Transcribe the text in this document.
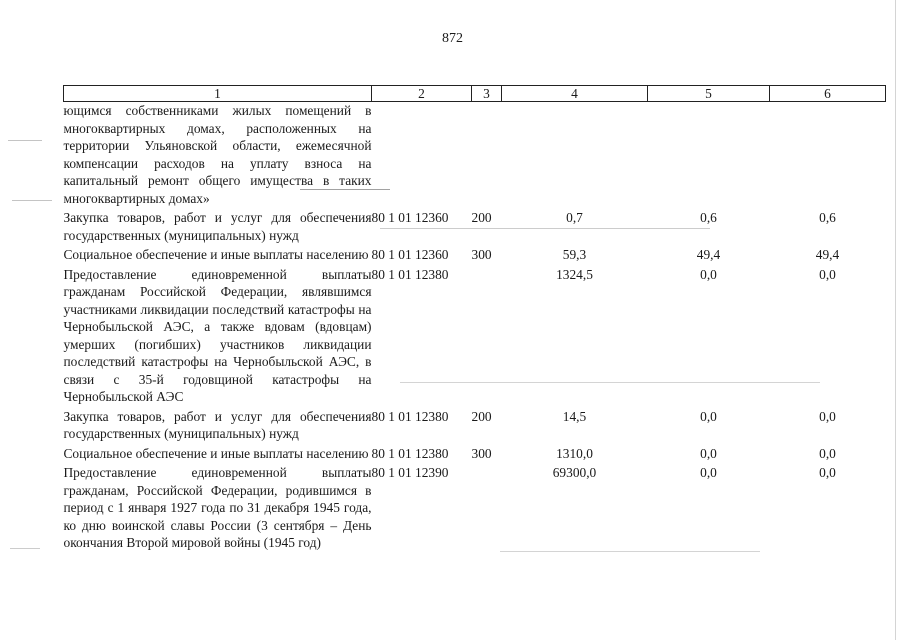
872
1	2	3	4	5	6
ющимся собственниками жилых помещений в многоквартирных домах, расположенных на территории Ульяновской области, ежемесячной компенсации расходов на уплату взноса на капитальный ремонт общего имущества в таких многоквартирных домах»					
Закупка товаров, работ и услуг для обеспечения государственных (муниципальных) нужд	80 1 01 12360	200	0,7	0,6	0,6
Социальное обеспечение и иные выплаты населению	80 1 01 12360	300	59,3	49,4	49,4
Предоставление единовременной выплаты гражданам Российской Федерации, являвшимся участниками ликвидации последствий катастрофы на Чернобыльской АЭС, а также вдовам (вдовцам) умерших (погибших) участников ликвидации последствий катастрофы на Чернобыльской АЭС, в связи с 35-й годовщиной катастрофы на Чернобыльской АЭС	80 1 01 12380		1324,5	0,0	0,0
Закупка товаров, работ и услуг для обеспечения государственных (муниципальных) нужд	80 1 01 12380	200	14,5	0,0	0,0
Социальное обеспечение и иные выплаты населению	80 1 01 12380	300	1310,0	0,0	0,0
Предоставление единовременной выплаты гражданам, Российской Федерации, родившимся в период с 1 января 1927 года по 31 декабря 1945 года, ко дню воинской славы России (3 сентября – День окончания Второй мировой войны (1945 год)	80 1 01 12390		69300,0	0,0	0,0
